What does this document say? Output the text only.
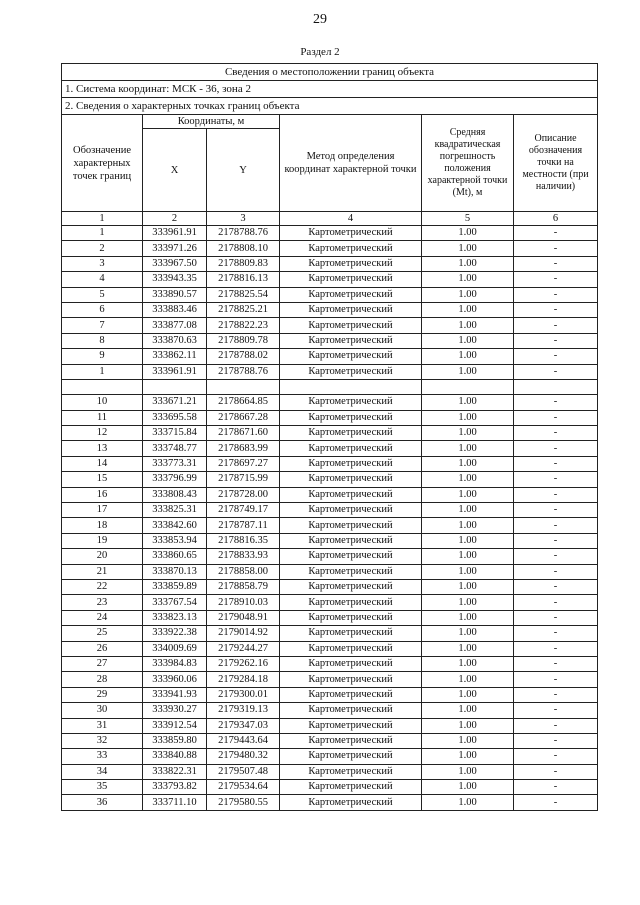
29
Раздел 2
Сведения о местоположении границ объекта					
1. Система координат: МСК - 36, зона 2					
2. Сведения о характерных точках границ объекта					
Обозначение характерных точек границ	Координаты, м		Метод определения координат характерной точки	Средняя квадратическая погрешность положения характерной точки (Mt), м	Описание обозначения точки на местности (при наличии)
	X	Y			
1	2	3	4	5	6
1	333961.91	2178788.76	Картометрический	1.00	-
2	333971.26	2178808.10	Картометрический	1.00	-
3	333967.50	2178809.83	Картометрический	1.00	-
4	333943.35	2178816.13	Картометрический	1.00	-
5	333890.57	2178825.54	Картометрический	1.00	-
6	333883.46	2178825.21	Картометрический	1.00	-
7	333877.08	2178822.23	Картометрический	1.00	-
8	333870.63	2178809.78	Картометрический	1.00	-
9	333862.11	2178788.02	Картометрический	1.00	-
1	333961.91	2178788.76	Картометрический	1.00	-

10	333671.21	2178664.85	Картометрический	1.00	-
11	333695.58	2178667.28	Картометрический	1.00	-
12	333715.84	2178671.60	Картометрический	1.00	-
13	333748.77	2178683.99	Картометрический	1.00	-
14	333773.31	2178697.27	Картометрический	1.00	-
15	333796.99	2178715.99	Картометрический	1.00	-
16	333808.43	2178728.00	Картометрический	1.00	-
17	333825.31	2178749.17	Картометрический	1.00	-
18	333842.60	2178787.11	Картометрический	1.00	-
19	333853.94	2178816.35	Картометрический	1.00	-
20	333860.65	2178833.93	Картометрический	1.00	-
21	333870.13	2178858.00	Картометрический	1.00	-
22	333859.89	2178858.79	Картометрический	1.00	-
23	333767.54	2178910.03	Картометрический	1.00	-
24	333823.13	2179048.91	Картометрический	1.00	-
25	333922.38	2179014.92	Картометрический	1.00	-
26	334009.69	2179244.27	Картометрический	1.00	-
27	333984.83	2179262.16	Картометрический	1.00	-
28	333960.06	2179284.18	Картометрический	1.00	-
29	333941.93	2179300.01	Картометрический	1.00	-
30	333930.27	2179319.13	Картометрический	1.00	-
31	333912.54	2179347.03	Картометрический	1.00	-
32	333859.80	2179443.64	Картометрический	1.00	-
33	333840.88	2179480.32	Картометрический	1.00	-
34	333822.31	2179507.48	Картометрический	1.00	-
35	333793.82	2179534.64	Картометрический	1.00	-
36	333711.10	2179580.55	Картометрический	1.00	-
